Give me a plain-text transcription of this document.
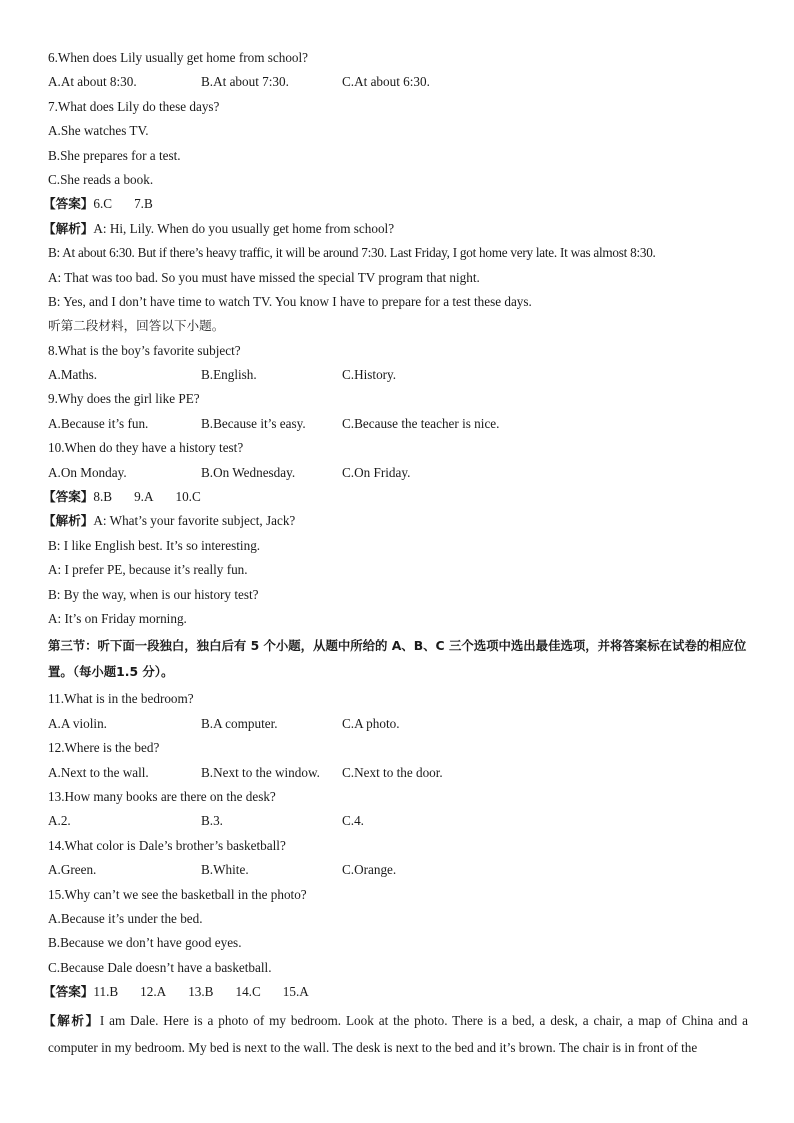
6.When does Lily usually get home from school?
A.At about 8:30.	B.At about 7:30.	C.At about 6:30.
7.What does Lily do these days?
A.She watches TV.
B.She prepares for a test.
C.She reads a book.
【答案】6.C 7.B
【解析】A: Hi, Lily. When do you usually get home from school?
B: At about 6:30. But if there’s heavy traffic, it will be around 7:30. Last Friday, I got home very late. It was almost 8:30.
A: That was too bad. So you must have missed the special TV program that night.
B: Yes, and I don’t have time to watch TV. You know I have to prepare for a test these days.
听第二段材料，回答以下小题。
8.What is the boy’s favorite subject?
A.Maths.	B.English.	C.History.
9.Why does the girl like PE?
A.Because it’s fun.	B.Because it’s easy.	C.Because the teacher is nice.
10.When do they have a history test?
A.On Monday.	B.On Wednesday.	C.On Friday.
【答案】8.B 9.A 10.C
【解析】A: What’s your favorite subject, Jack?
B: I like English best. It’s so interesting.
A: I prefer PE, because it’s really fun.
B: By the way, when is our history test?
A: It’s on Friday morning.
第三节：听下面一段独白，独白后有 5 个小题，从题中所给的 A、B、C 三个选项中选出最佳选项，并将答案标在试卷的相应位置。（每小题1.5 分）。
11.What is in the bedroom?
A.A violin.	B.A computer.	C.A photo.
12.Where is the bed?
A.Next to the wall.	B.Next to the window.	C.Next to the door.
13.How many books are there on the desk?
A.2.	B.3.	C.4.
14.What color is Dale’s brother’s basketball?
A.Green.	B.White.	C.Orange.
15.Why can’t we see the basketball in the photo?
A.Because it’s under the bed.
B.Because we don’t have good eyes.
C.Because Dale doesn’t have a basketball.
【答案】11.B 12.A 13.B 14.C 15.A
【解析】I am Dale. Here is a photo of my bedroom. Look at the photo. There is a bed, a desk, a chair, a map of China and a computer in my bedroom. My bed is next to the wall. The desk is next to the bed and it’s brown. The chair is in front of the
